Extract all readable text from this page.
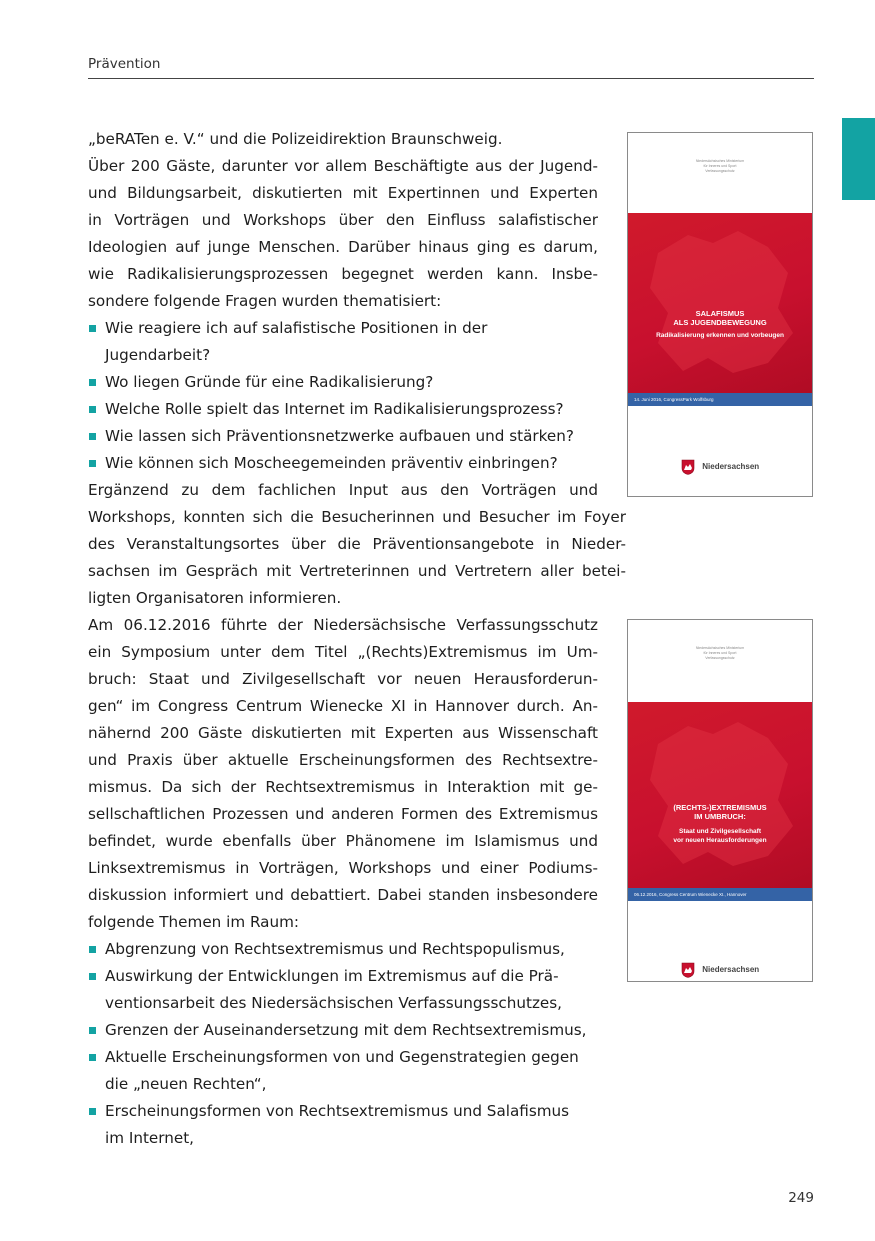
Prävention
„beRATen e. V.“ und die Polizeidirektion Braunschweig.
Über 200 Gäste, darunter vor allem Beschäftigte aus der Jugend-
und Bildungsarbeit, diskutierten mit Expertinnen und Experten
in Vorträgen und Workshops über den Einfluss salafistischer
Ideologien auf junge Menschen. Darüber hinaus ging es darum,
wie Radikalisierungsprozessen begegnet werden kann. Insbe-
sondere folgende Fragen wurden thematisiert:
Wie reagiere ich auf salafistische Positionen in der
Jugendarbeit?
Wo liegen Gründe für eine Radikalisierung?
Welche Rolle spielt das Internet im Radikalisierungsprozess?
Wie lassen sich Präventionsnetzwerke aufbauen und stärken?
Wie können sich Moscheegemeinden präventiv einbringen?
Ergänzend zu dem fachlichen Input aus den Vorträgen und
Workshops, konnten sich die Besucherinnen und Besucher im Foyer
des Veranstaltungsortes über die Präventionsangebote in Nieder-
sachsen im Gespräch mit Vertreterinnen und Vertretern aller betei-
ligten Organisatoren informieren.
Am 06.12.2016 führte der Niedersächsische Verfassungsschutz
ein Symposium unter dem Titel „(Rechts)Extremismus im Um-
bruch: Staat und Zivilgesellschaft vor neuen Herausforderun-
gen“ im Congress Centrum Wienecke XI in Hannover durch. An-
nähernd 200 Gäste diskutierten mit Experten aus Wissenschaft
und Praxis über aktuelle Erscheinungsformen des Rechtsextre-
mismus. Da sich der Rechtsextremismus in Interaktion mit ge-
sellschaftlichen Prozessen und anderen Formen des Extremismus
befindet, wurde ebenfalls über Phänomene im Islamismus und
Linksextremismus in Vorträgen, Workshops und einer Podiums-
diskussion informiert und debattiert. Dabei standen insbesondere
folgende Themen im Raum:
Abgrenzung von Rechtsextremismus und Rechtspopulismus,
Auswirkung der Entwicklungen im Extremismus auf die Prä-
ventionsarbeit des Niedersächsischen Verfassungsschutzes,
Grenzen der Auseinandersetzung mit dem Rechtsextremismus,
Aktuelle Erscheinungsformen von und Gegenstrategien gegen
die „neuen Rechten“,
Erscheinungsformen von Rechtsextremismus und Salafismus
im Internet,
Niedersächsisches Ministerium
für Inneres und Sport
Verfassungsschutz
SALAFISMUS
ALS JUGENDBEWEGUNG
Radikalisierung erkennen und vorbeugen
14. Juni 2016, CongressPark Wolfsburg
Niedersachsen
Niedersächsisches Ministerium
für Inneres und Sport
Verfassungsschutz
(RECHTS-)EXTREMISMUS
IM UMBRUCH:
Staat und Zivilgesellschaft
vor neuen Herausforderungen
06.12.2016, Congress Centrum Wienecke XI., Hannover
Niedersachsen
249
